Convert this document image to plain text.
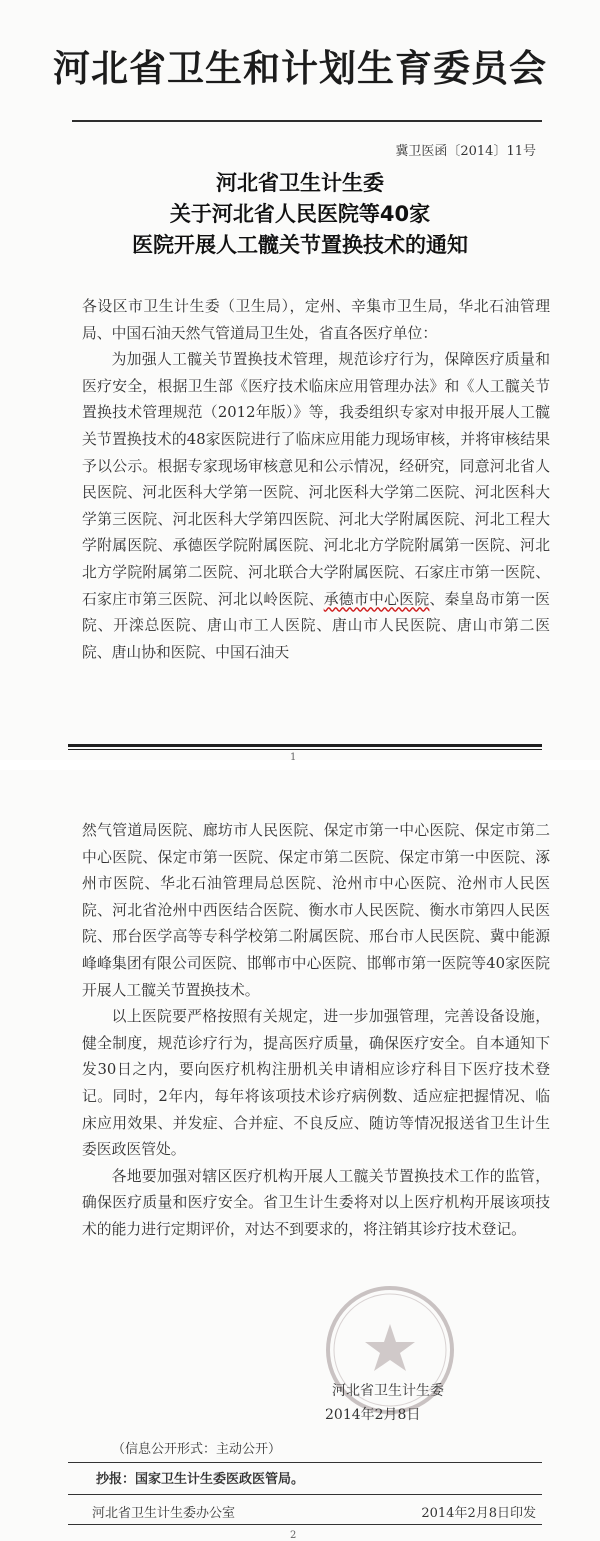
河北省卫生和计划生育委员会
冀卫医函〔2014〕11号
河北省卫生计生委
关于河北省人民医院等40家
医院开展人工髋关节置换技术的通知

各设区市卫生计生委（卫生局），定州、辛集市卫生局，华北石油管理局、中国石油天然气管道局卫生处，省直各医疗单位：

为加强人工髋关节置换技术管理，规范诊疗行为，保障医疗质量和医疗安全，根据卫生部《医疗技术临床应用管理办法》和《人工髋关节置换技术管理规范（2012年版）》等，我委组织专家对申报开展人工髋关节置换技术的48家医院进行了临床应用能力现场审核，并将审核结果予以公示。根据专家现场审核意见和公示情况，经研究，同意河北省人民医院、河北医科大学第一医院、河北医科大学第二医院、河北医科大学第三医院、河北医科大学第四医院、河北大学附属医院、河北工程大学附属医院、承德医学院附属医院、河北北方学院附属第一医院、河北北方学院附属第二医院、河北联合大学附属医院、石家庄市第一医院、石家庄市第三医院、河北以岭医院、承德市中心医院、秦皇岛市第一医院、开滦总医院、唐山市工人医院、唐山市人民医院、唐山市第二医院、唐山协和医院、中国石油天

1

然气管道局医院、廊坊市人民医院、保定市第一中心医院、保定市第二中心医院、保定市第一医院、保定市第二医院、保定市第一中医院、涿州市医院、华北石油管理局总医院、沧州市中心医院、沧州市人民医院、河北省沧州中西医结合医院、衡水市人民医院、衡水市第四人民医院、邢台医学高等专科学校第二附属医院、邢台市人民医院、冀中能源峰峰集团有限公司医院、邯郸市中心医院、邯郸市第一医院等40家医院开展人工髋关节置换技术。

以上医院要严格按照有关规定，进一步加强管理，完善设备设施，健全制度，规范诊疗行为，提高医疗质量，确保医疗安全。自本通知下发30日之内，要向医疗机构注册机关申请相应诊疗科目下医疗技术登记。同时，2年内，每年将该项技术诊疗病例数、适应症把握情况、临床应用效果、并发症、合并症、不良反应、随访等情况报送省卫生计生委医政医管处。

各地要加强对辖区医疗机构开展人工髋关节置换技术工作的监管，确保医疗质量和医疗安全。省卫生计生委将对以上医疗机构开展该项技术的能力进行定期评价，对达不到要求的，将注销其诊疗技术登记。

河北省卫生计生委
2014年2月8日
（信息公开形式：主动公开）
抄报：国家卫生计生委医政医管局。
河北省卫生计生委办公室	2014年2月8日印发
2
